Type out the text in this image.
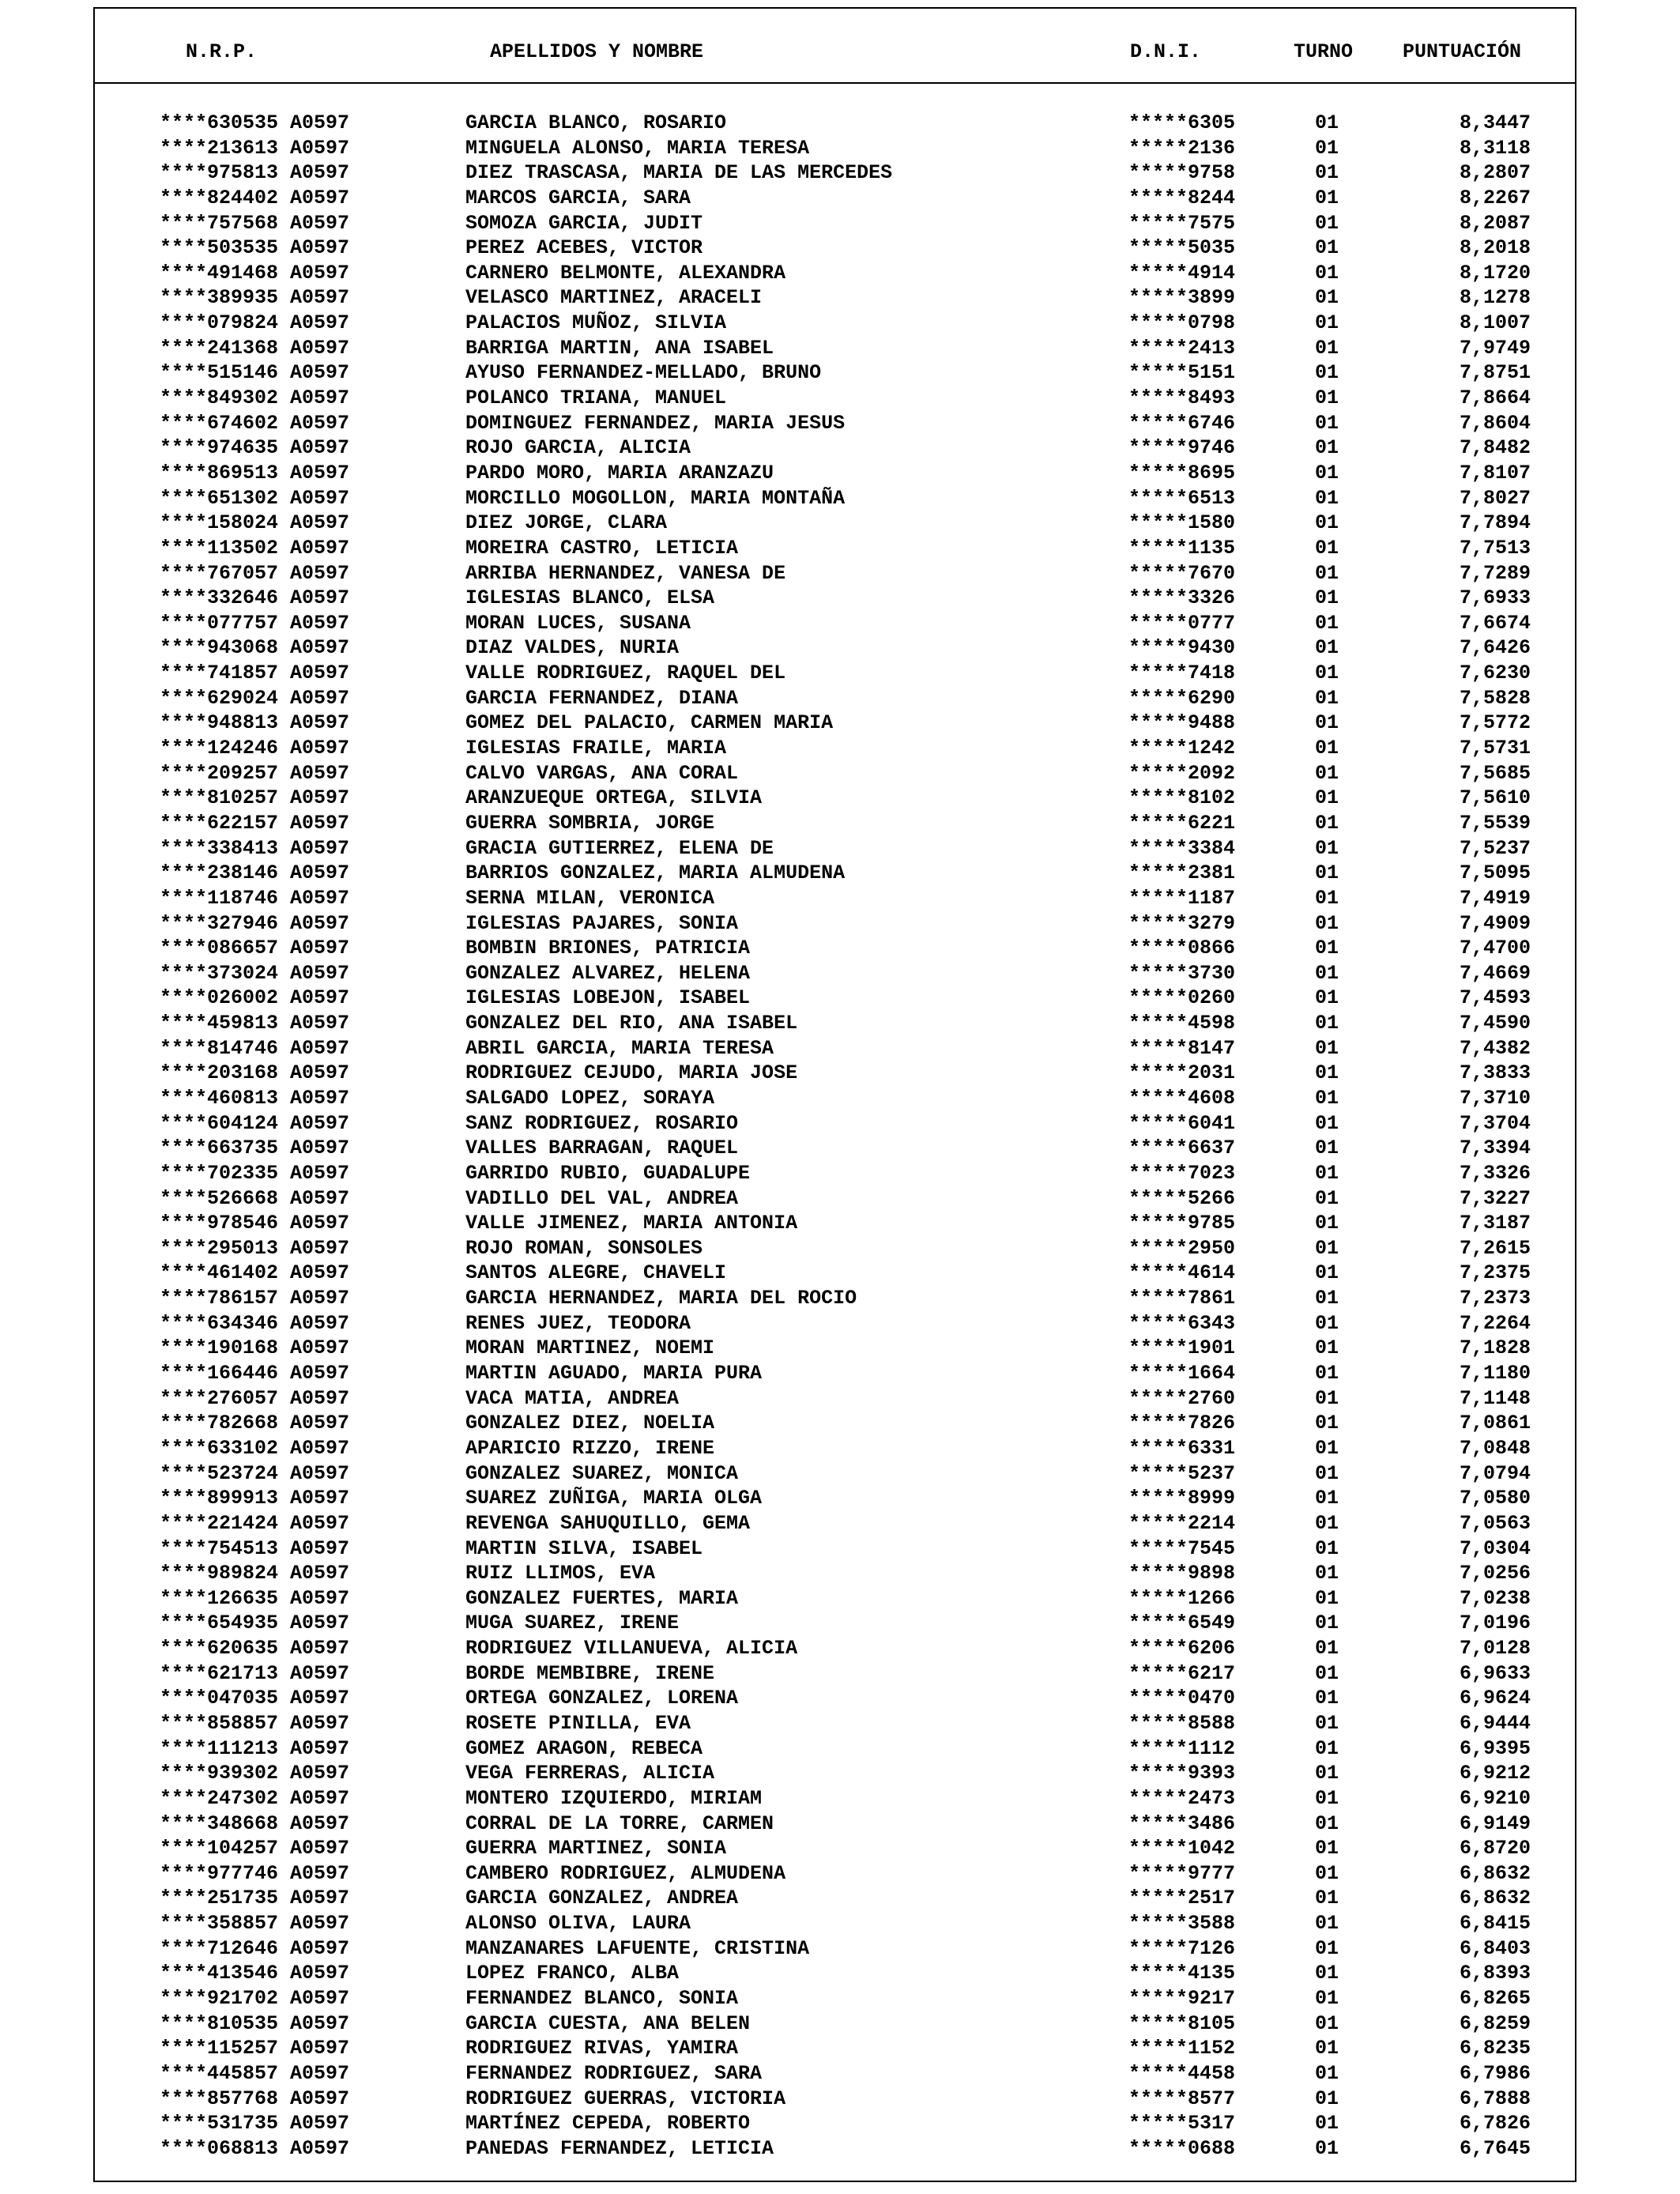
N.R.P.	APELLIDOS Y NOMBRE	D.N.I.	TURNO	PUNTUACIÓN
****630535 A0597	GARCIA BLANCO, ROSARIO	*****6305	01	8,3447
****213613 A0597	MINGUELA ALONSO, MARIA TERESA	*****2136	01	8,3118
****975813 A0597	DIEZ TRASCASA, MARIA DE LAS MERCEDES	*****9758	01	8,2807
****824402 A0597	MARCOS GARCIA, SARA	*****8244	01	8,2267
****757568 A0597	SOMOZA GARCIA, JUDIT	*****7575	01	8,2087
****503535 A0597	PEREZ ACEBES, VICTOR	*****5035	01	8,2018
****491468 A0597	CARNERO BELMONTE, ALEXANDRA	*****4914	01	8,1720
****389935 A0597	VELASCO MARTINEZ, ARACELI	*****3899	01	8,1278
****079824 A0597	PALACIOS MUÑOZ, SILVIA	*****0798	01	8,1007
****241368 A0597	BARRIGA MARTIN, ANA ISABEL	*****2413	01	7,9749
****515146 A0597	AYUSO FERNANDEZ-MELLADO, BRUNO	*****5151	01	7,8751
****849302 A0597	POLANCO TRIANA, MANUEL	*****8493	01	7,8664
****674602 A0597	DOMINGUEZ FERNANDEZ, MARIA JESUS	*****6746	01	7,8604
****974635 A0597	ROJO GARCIA, ALICIA	*****9746	01	7,8482
****869513 A0597	PARDO MORO, MARIA ARANZAZU	*****8695	01	7,8107
****651302 A0597	MORCILLO MOGOLLON, MARIA MONTAÑA	*****6513	01	7,8027
****158024 A0597	DIEZ JORGE, CLARA	*****1580	01	7,7894
****113502 A0597	MOREIRA CASTRO, LETICIA	*****1135	01	7,7513
****767057 A0597	ARRIBA HERNANDEZ, VANESA DE	*****7670	01	7,7289
****332646 A0597	IGLESIAS BLANCO, ELSA	*****3326	01	7,6933
****077757 A0597	MORAN LUCES, SUSANA	*****0777	01	7,6674
****943068 A0597	DIAZ VALDES, NURIA	*****9430	01	7,6426
****741857 A0597	VALLE RODRIGUEZ, RAQUEL DEL	*****7418	01	7,6230
****629024 A0597	GARCIA FERNANDEZ, DIANA	*****6290	01	7,5828
****948813 A0597	GOMEZ DEL PALACIO, CARMEN MARIA	*****9488	01	7,5772
****124246 A0597	IGLESIAS FRAILE, MARIA	*****1242	01	7,5731
****209257 A0597	CALVO VARGAS, ANA CORAL	*****2092	01	7,5685
****810257 A0597	ARANZUEQUE ORTEGA, SILVIA	*****8102	01	7,5610
****622157 A0597	GUERRA SOMBRIA, JORGE	*****6221	01	7,5539
****338413 A0597	GRACIA GUTIERREZ, ELENA DE	*****3384	01	7,5237
****238146 A0597	BARRIOS GONZALEZ, MARIA ALMUDENA	*****2381	01	7,5095
****118746 A0597	SERNA MILAN, VERONICA	*****1187	01	7,4919
****327946 A0597	IGLESIAS PAJARES, SONIA	*****3279	01	7,4909
****086657 A0597	BOMBIN BRIONES, PATRICIA	*****0866	01	7,4700
****373024 A0597	GONZALEZ ALVAREZ, HELENA	*****3730	01	7,4669
****026002 A0597	IGLESIAS LOBEJON, ISABEL	*****0260	01	7,4593
****459813 A0597	GONZALEZ DEL RIO, ANA ISABEL	*****4598	01	7,4590
****814746 A0597	ABRIL GARCIA, MARIA TERESA	*****8147	01	7,4382
****203168 A0597	RODRIGUEZ CEJUDO, MARIA JOSE	*****2031	01	7,3833
****460813 A0597	SALGADO LOPEZ, SORAYA	*****4608	01	7,3710
****604124 A0597	SANZ RODRIGUEZ, ROSARIO	*****6041	01	7,3704
****663735 A0597	VALLES BARRAGAN, RAQUEL	*****6637	01	7,3394
****702335 A0597	GARRIDO RUBIO, GUADALUPE	*****7023	01	7,3326
****526668 A0597	VADILLO DEL VAL, ANDREA	*****5266	01	7,3227
****978546 A0597	VALLE JIMENEZ, MARIA ANTONIA	*****9785	01	7,3187
****295013 A0597	ROJO ROMAN, SONSOLES	*****2950	01	7,2615
****461402 A0597	SANTOS ALEGRE, CHAVELI	*****4614	01	7,2375
****786157 A0597	GARCIA HERNANDEZ, MARIA DEL ROCIO	*****7861	01	7,2373
****634346 A0597	RENES JUEZ, TEODORA	*****6343	01	7,2264
****190168 A0597	MORAN MARTINEZ, NOEMI	*****1901	01	7,1828
****166446 A0597	MARTIN AGUADO, MARIA PURA	*****1664	01	7,1180
****276057 A0597	VACA MATIA, ANDREA	*****2760	01	7,1148
****782668 A0597	GONZALEZ DIEZ, NOELIA	*****7826	01	7,0861
****633102 A0597	APARICIO RIZZO, IRENE	*****6331	01	7,0848
****523724 A0597	GONZALEZ SUAREZ, MONICA	*****5237	01	7,0794
****899913 A0597	SUAREZ ZUÑIGA, MARIA OLGA	*****8999	01	7,0580
****221424 A0597	REVENGA SAHUQUILLO, GEMA	*****2214	01	7,0563
****754513 A0597	MARTIN SILVA, ISABEL	*****7545	01	7,0304
****989824 A0597	RUIZ LLIMOS, EVA	*****9898	01	7,0256
****126635 A0597	GONZALEZ FUERTES, MARIA	*****1266	01	7,0238
****654935 A0597	MUGA SUAREZ, IRENE	*****6549	01	7,0196
****620635 A0597	RODRIGUEZ VILLANUEVA, ALICIA	*****6206	01	7,0128
****621713 A0597	BORDE MEMBIBRE, IRENE	*****6217	01	6,9633
****047035 A0597	ORTEGA GONZALEZ, LORENA	*****0470	01	6,9624
****858857 A0597	ROSETE PINILLA, EVA	*****8588	01	6,9444
****111213 A0597	GOMEZ ARAGON, REBECA	*****1112	01	6,9395
****939302 A0597	VEGA FERRERAS, ALICIA	*****9393	01	6,9212
****247302 A0597	MONTERO IZQUIERDO, MIRIAM	*****2473	01	6,9210
****348668 A0597	CORRAL DE LA TORRE, CARMEN	*****3486	01	6,9149
****104257 A0597	GUERRA MARTINEZ, SONIA	*****1042	01	6,8720
****977746 A0597	CAMBERO RODRIGUEZ, ALMUDENA	*****9777	01	6,8632
****251735 A0597	GARCIA GONZALEZ, ANDREA	*****2517	01	6,8632
****358857 A0597	ALONSO OLIVA, LAURA	*****3588	01	6,8415
****712646 A0597	MANZANARES LAFUENTE, CRISTINA	*****7126	01	6,8403
****413546 A0597	LOPEZ FRANCO, ALBA	*****4135	01	6,8393
****921702 A0597	FERNANDEZ BLANCO, SONIA	*****9217	01	6,8265
****810535 A0597	GARCIA CUESTA, ANA BELEN	*****8105	01	6,8259
****115257 A0597	RODRIGUEZ RIVAS, YAMIRA	*****1152	01	6,8235
****445857 A0597	FERNANDEZ RODRIGUEZ, SARA	*****4458	01	6,7986
****857768 A0597	RODRIGUEZ GUERRAS, VICTORIA	*****8577	01	6,7888
****531735 A0597	MARTÍNEZ CEPEDA, ROBERTO	*****5317	01	6,7826
****068813 A0597	PANEDAS FERNANDEZ, LETICIA	*****0688	01	6,7645
